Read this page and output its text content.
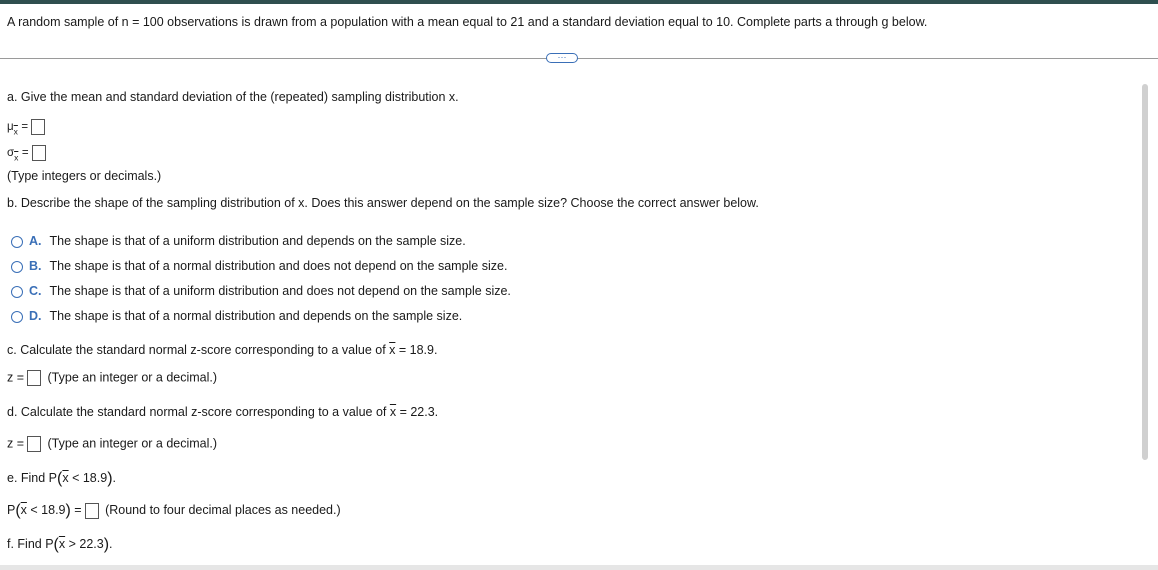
A random sample of n = 100 observations is drawn from a population with a mean equal to 21 and a standard deviation equal to 10. Complete parts a through g below.
···
a. Give the mean and standard deviation of the (repeated) sampling distribution x.
$\mu_{\overline{x}}$ =
$\sigma_{\overline{x}}$ =
(Type integers or decimals.)
b. Describe the shape of the sampling distribution of x. Does this answer depend on the sample size? Choose the correct answer below.
A. The shape is that of a uniform distribution and depends on the sample size.
B. The shape is that of a normal distribution and does not depend on the sample size.
C. The shape is that of a uniform distribution and does not depend on the sample size.
D. The shape is that of a normal distribution and depends on the sample size.
c. Calculate the standard normal z-score corresponding to a value of $\overline{x} = 18.9$.
z = (Type an integer or a decimal.)
d. Calculate the standard normal z-score corresponding to a value of $\overline{x} = 22.3$.
z = (Type an integer or a decimal.)
e. Find $P(\overline{x} < 18.9)$.
$P(\overline{x} < 18.9)$ = (Round to four decimal places as needed.)
f. Find $P(\overline{x} > 22.3)$.
